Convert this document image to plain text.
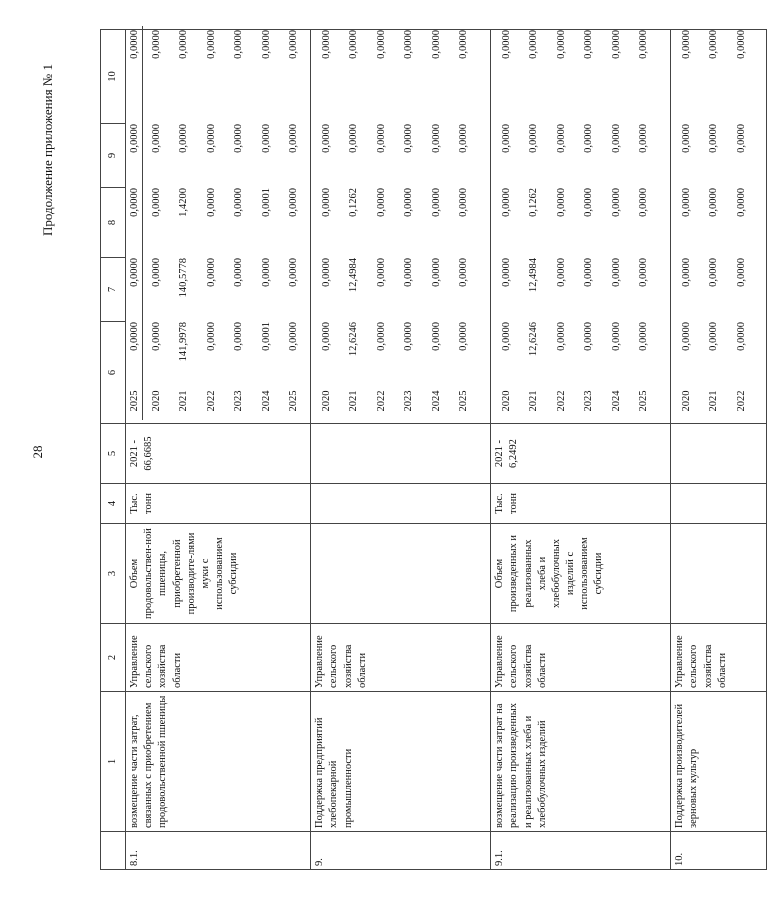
28
Продолжение приложения № 1
	1	2	3	4	5	6	7	8	9	10
8.1.	возмещение части затрат, связанных с приобретением продовольственной пшеницы	Управление сельского хозяйства области	Объем продовольствен-ной пшеницы, приобретенной производите-лями муки с использованием субсидии	Тыс. тонн	2021 - 66,6685	
2025	0,0000	0,0000	0,0000	0,0000	0,0000
2020	0,0000	0,0000	0,0000	0,0000	0,0000
2021	141,9978	140,5778	1,4200	0,0000	0,0000
2022	0,0000	0,0000	0,0000	0,0000	0,0000
2023	0,0000	0,0000	0,0000	0,0000	0,0000
2024	0,0001	0,0000	0,0001	0,0000	0,0000
2025	0,0000	0,0000	0,0000	0,0000	0,0000

9.	Поддержка предприятий хлебопекарной промышленности	Управление сельского хозяйства области				
2020	0,0000	0,0000	0,0000	0,0000	0,0000
2021	12,6246	12,4984	0,1262	0,0000	0,0000
2022	0,0000	0,0000	0,0000	0,0000	0,0000
2023	0,0000	0,0000	0,0000	0,0000	0,0000
2024	0,0000	0,0000	0,0000	0,0000	0,0000
2025	0,0000	0,0000	0,0000	0,0000	0,0000

9.1.	возмещение части затрат на реализацию произведенных и реализованных хлеба и хлебобулочных изделий	Управление сельского хозяйства области	Объем произведенных и реализованных хлеба и хлебобулочных изделий с использованием субсидии	Тыс. тонн	2021 - 6,2492	
2020	0,0000	0,0000	0,0000	0,0000	0,0000
2021	12,6246	12,4984	0,1262	0,0000	0,0000
2022	0,0000	0,0000	0,0000	0,0000	0,0000
2023	0,0000	0,0000	0,0000	0,0000	0,0000
2024	0,0000	0,0000	0,0000	0,0000	0,0000
2025	0,0000	0,0000	0,0000	0,0000	0,0000

10.	Поддержка производителей зерновых культур	Управление сельского хозяйства области				
2020	0,0000	0,0000	0,0000	0,0000	0,0000
2021	0,0000	0,0000	0,0000	0,0000	0,0000
2022	0,0000	0,0000	0,0000	0,0000	0,0000
